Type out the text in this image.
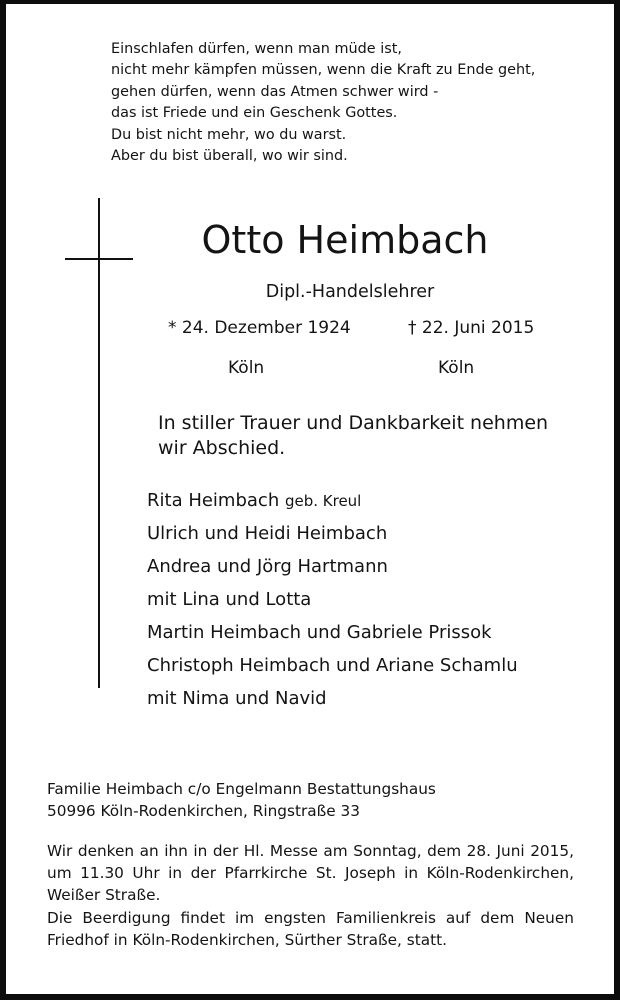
Einschlafen dürfen, wenn man müde ist,
nicht mehr kämpfen müssen, wenn die Kraft zu Ende geht,
gehen dürfen, wenn das Atmen schwer wird -
das ist Friede und ein Geschenk Gottes.
Du bist nicht mehr, wo du warst.
Aber du bist überall, wo wir sind.
Otto Heimbach
Dipl.-Handelslehrer
* 24. Dezember 1924	† 22. Juni 2015
Köln	Köln
In stiller Trauer und Dankbarkeit nehmen
wir Abschied.
Rita Heimbach geb. Kreul
Ulrich und Heidi Heimbach
Andrea und Jörg Hartmann
mit Lina und Lotta
Martin Heimbach und Gabriele Prissok
Christoph Heimbach und Ariane Schamlu
mit Nima und Navid
Familie Heimbach c/o Engelmann Bestattungshaus
50996 Köln-Rodenkirchen, Ringstraße 33

Wir denken an ihn in der Hl. Messe am Sonntag, dem 28. Juni 2015, um 11.30 Uhr in der Pfarrkirche St. Joseph in Köln-Rodenkirchen, Weißer Straße.

Die Beerdigung findet im engsten Familienkreis auf dem Neuen Friedhof in Köln-Rodenkirchen, Sürther Straße, statt.
